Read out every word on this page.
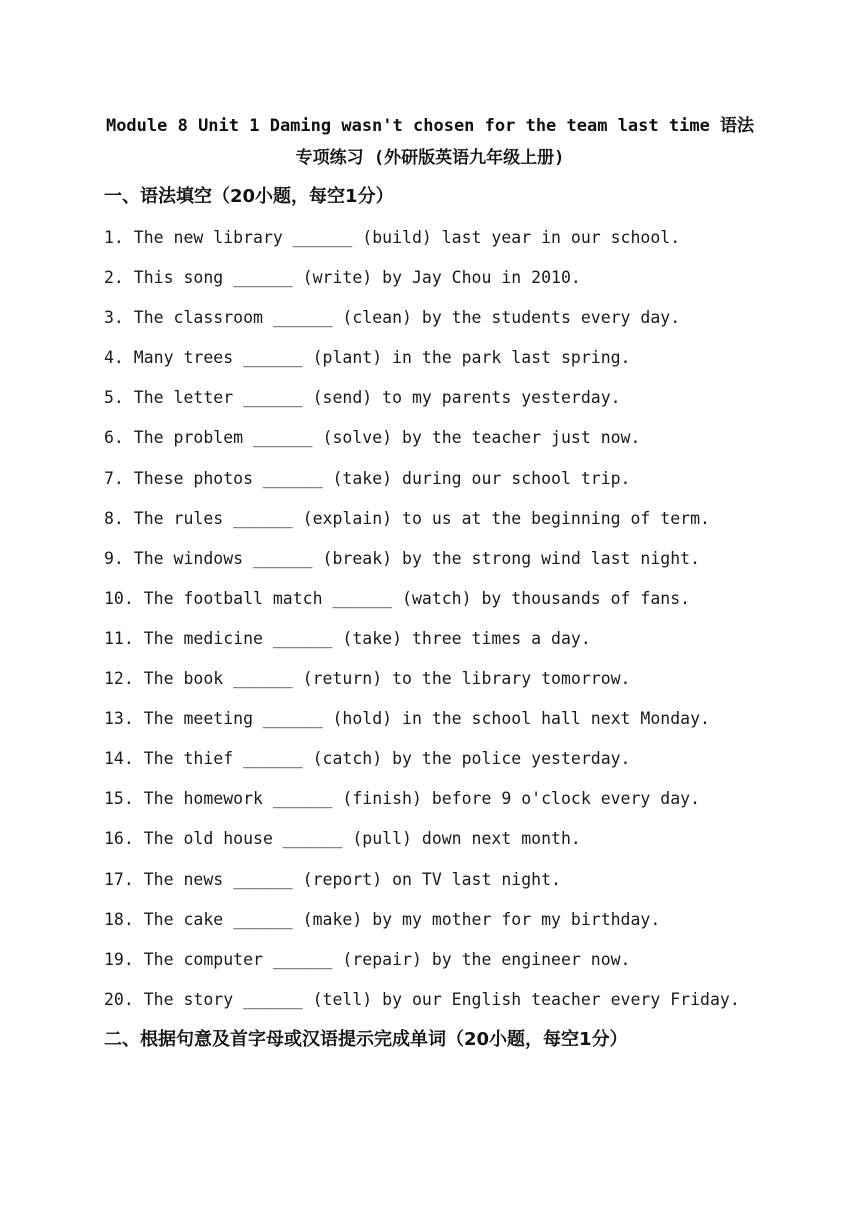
Module 8 Unit 1 Daming wasn't chosen for the team last time 语法
专项练习 (外研版英语九年级上册)
一、语法填空（20小题，每空1分）
1. The new library ______ (build) last year in our school.
2. This song ______ (write) by Jay Chou in 2010.
3. The classroom ______ (clean) by the students every day.
4. Many trees ______ (plant) in the park last spring.
5. The letter ______ (send) to my parents yesterday.
6. The problem ______ (solve) by the teacher just now.
7. These photos ______ (take) during our school trip.
8. The rules ______ (explain) to us at the beginning of term.
9. The windows ______ (break) by the strong wind last night.
10. The football match ______ (watch) by thousands of fans.
11. The medicine ______ (take) three times a day.
12. The book ______ (return) to the library tomorrow.
13. The meeting ______ (hold) in the school hall next Monday.
14. The thief ______ (catch) by the police yesterday.
15. The homework ______ (finish) before 9 o'clock every day.
16. The old house ______ (pull) down next month.
17. The news ______ (report) on TV last night.
18. The cake ______ (make) by my mother for my birthday.
19. The computer ______ (repair) by the engineer now.
20. The story ______ (tell) by our English teacher every Friday.
二、根据句意及首字母或汉语提示完成单词（20小题，每空1分）
